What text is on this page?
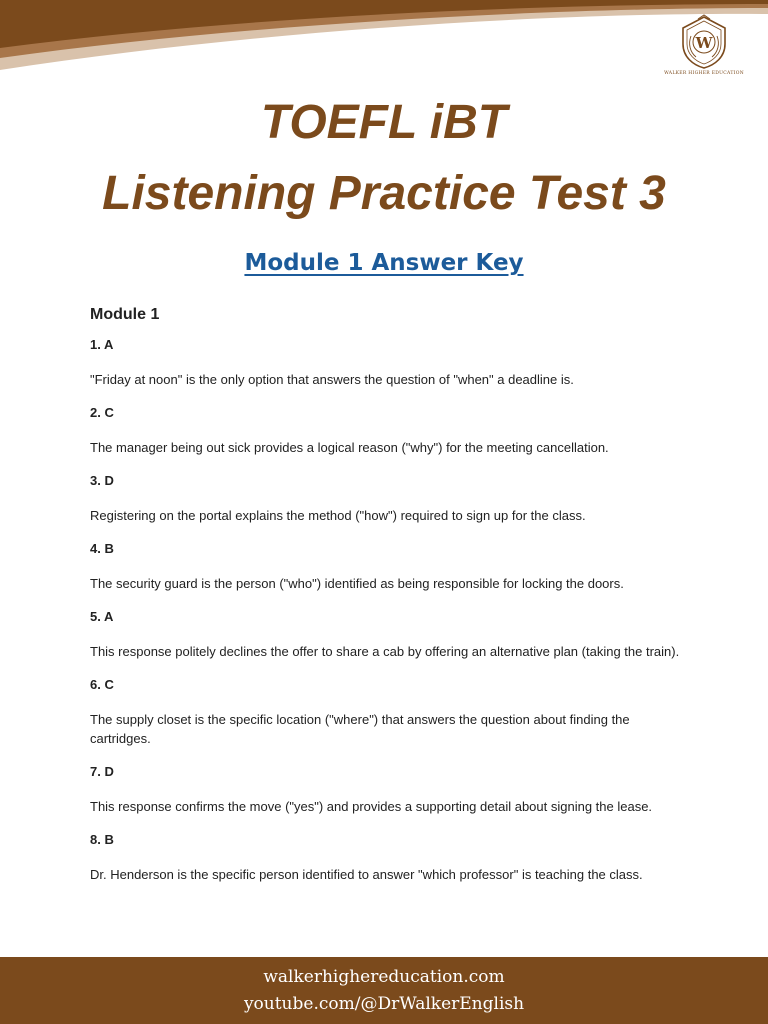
W
WALKER HIGHER EDUCATION
TOEFL iBT
Listening Practice Test 3
Module 1 Answer Key
Module 1
1. A
"Friday at noon" is the only option that answers the question of "when" a deadline is.
2. C
The manager being out sick provides a logical reason ("why") for the meeting cancellation.
3. D
Registering on the portal explains the method ("how") required to sign up for the class.
4. B
The security guard is the person ("who") identified as being responsible for locking the doors.
5. A
This response politely declines the offer to share a cab by offering an alternative plan (taking the train).
6. C
The supply closet is the specific location ("where") that answers the question about finding the cartridges.
7. D
This response confirms the move ("yes") and provides a supporting detail about signing the lease.
8. B
Dr. Henderson is the specific person identified to answer "which professor" is teaching the class.
walkerhighereducation.com
youtube.com/@DrWalkerEnglish
